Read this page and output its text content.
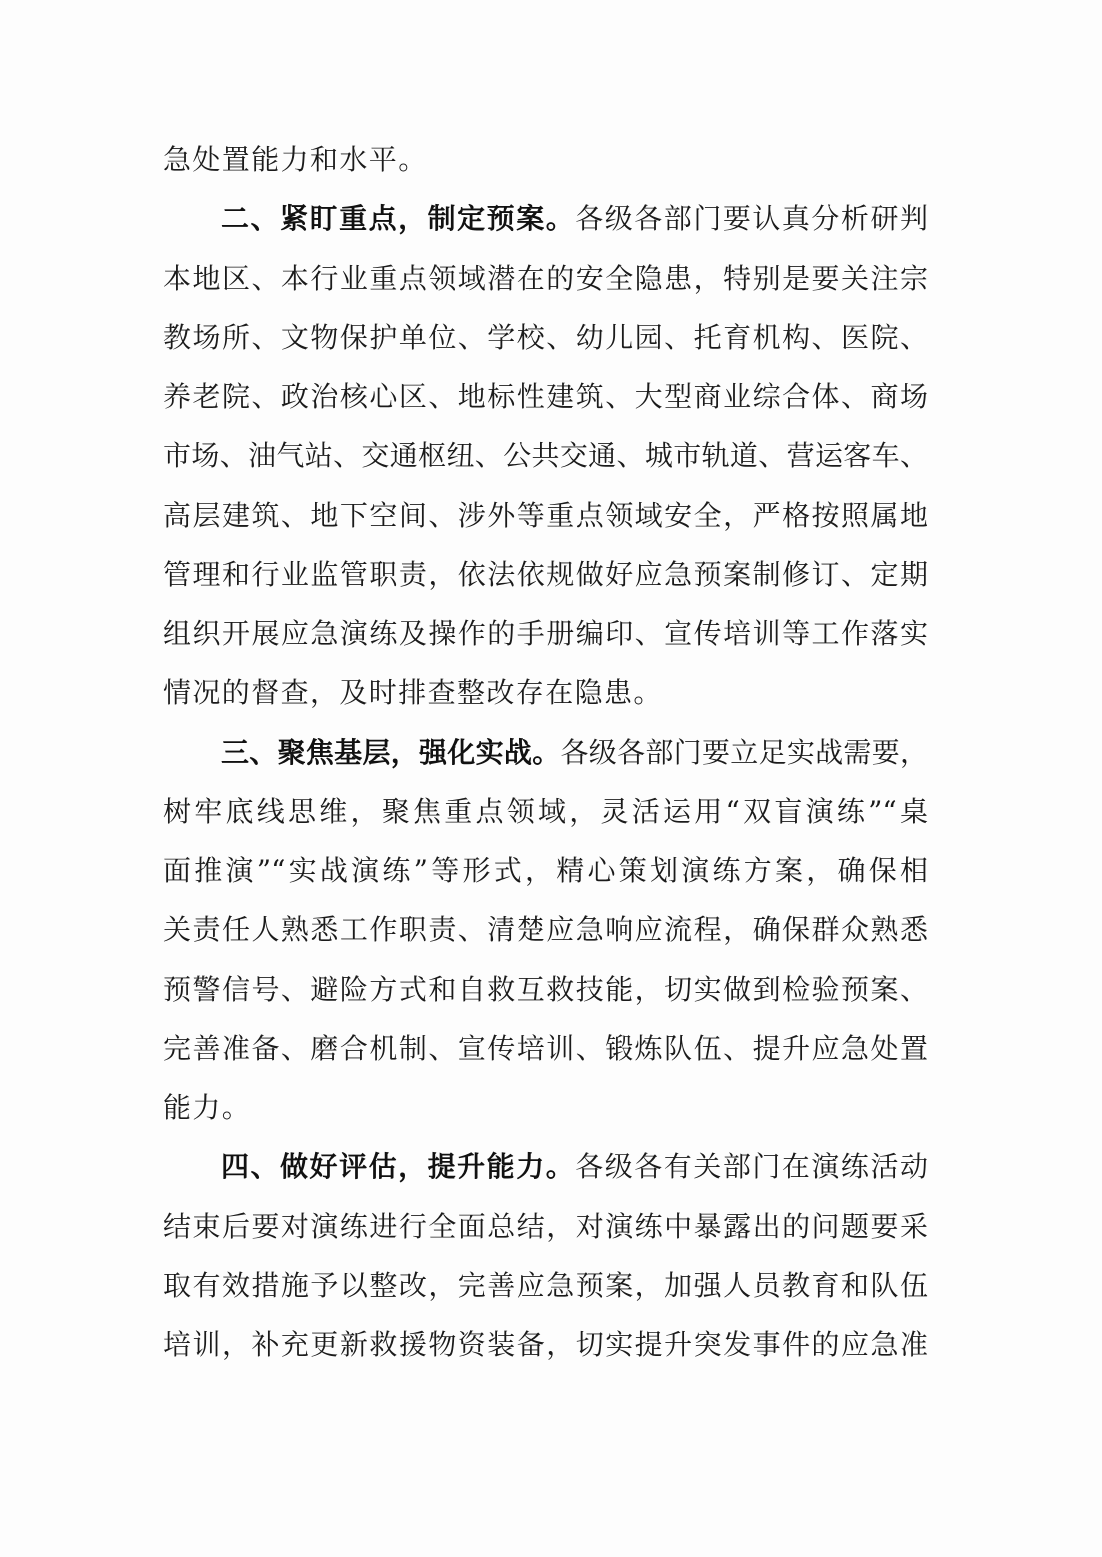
急处置能力和水平。
二、紧盯重点，制定预案。各级各部门要认真分析研判
本地区、本行业重点领域潜在的安全隐患，特别是要关注宗
教场所、文物保护单位、学校、幼儿园、托育机构、医院、
养老院、政治核心区、地标性建筑、大型商业综合体、商场
市场、油气站、交通枢纽、公共交通、城市轨道、营运客车、
高层建筑、地下空间、涉外等重点领域安全，严格按照属地
管理和行业监管职责，依法依规做好应急预案制修订、定期
组织开展应急演练及操作的手册编印、宣传培训等工作落实
情况的督查，及时排查整改存在隐患。
三、聚焦基层，强化实战。各级各部门要立足实战需要，
树牢底线思维，聚焦重点领域，灵活运用“双盲演练”“桌
面推演”“实战演练”等形式，精心策划演练方案，确保相
关责任人熟悉工作职责、清楚应急响应流程，确保群众熟悉
预警信号、避险方式和自救互救技能，切实做到检验预案、
完善准备、磨合机制、宣传培训、锻炼队伍、提升应急处置
能力。
四、做好评估，提升能力。各级各有关部门在演练活动
结束后要对演练进行全面总结，对演练中暴露出的问题要采
取有效措施予以整改，完善应急预案，加强人员教育和队伍
培训，补充更新救援物资装备，切实提升突发事件的应急准
